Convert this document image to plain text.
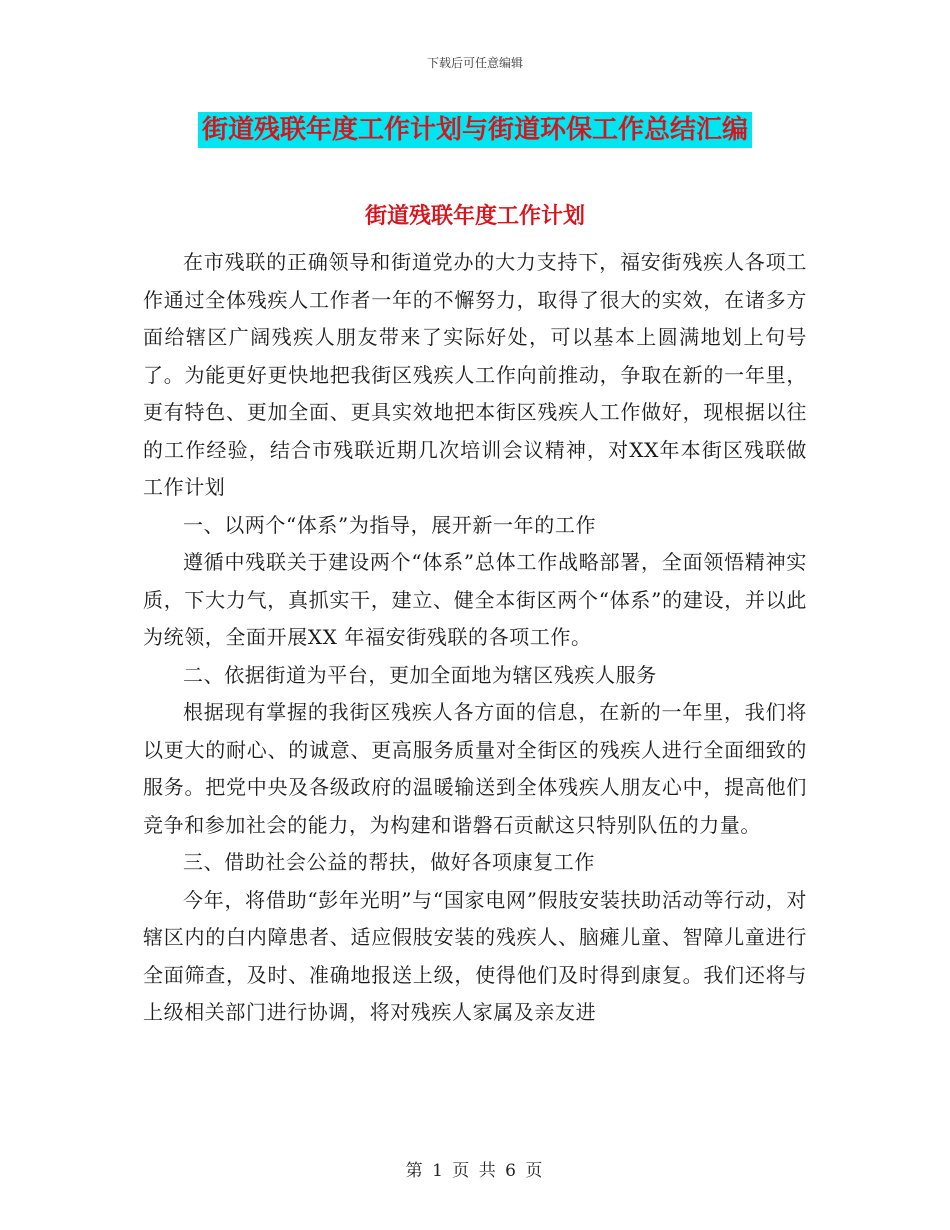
下载后可任意编辑
街道残联年度工作计划与街道环保工作总结汇编
街道残联年度工作计划

在市残联的正确领导和街道党办的大力支持下，福安街残疾人各项工作通过全体残疾人工作者一年的不懈努力，取得了很大的实效，在诸多方面给辖区广阔残疾人朋友带来了实际好处，可以基本上圆满地划上句号了。为能更好更快地把我街区残疾人工作向前推动，争取在新的一年里，更有特色、更加全面、更具实效地把本街区残疾人工作做好，现根据以往的工作经验，结合市残联近期几次培训会议精神，对XX年本街区残联做工作计划

一、以两个“体系”为指导，展开新一年的工作

遵循中残联关于建设两个“体系”总体工作战略部署，全面领悟精神实质，下大力气，真抓实干，建立、健全本街区两个“体系”的建设，并以此为统领，全面开展XX 年福安街残联的各项工作。

二、依据街道为平台，更加全面地为辖区残疾人服务

根据现有掌握的我街区残疾人各方面的信息，在新的一年里，我们将以更大的耐心、的诚意、更高服务质量对全街区的残疾人进行全面细致的服务。把党中央及各级政府的温暖输送到全体残疾人朋友心中，提高他们竞争和参加社会的能力，为构建和谐磐石贡献这只特别队伍的力量。

三、借助社会公益的帮扶，做好各项康复工作

今年，将借助“彭年光明”与“国家电网”假肢安装扶助活动等行动，对辖区内的白内障患者、适应假肢安装的残疾人、脑瘫儿童、智障儿童进行全面筛查，及时、准确地报送上级，使得他们及时得到康复。我们还将与上级相关部门进行协调，将对残疾人家属及亲友进

第 1 页 共 6 页
